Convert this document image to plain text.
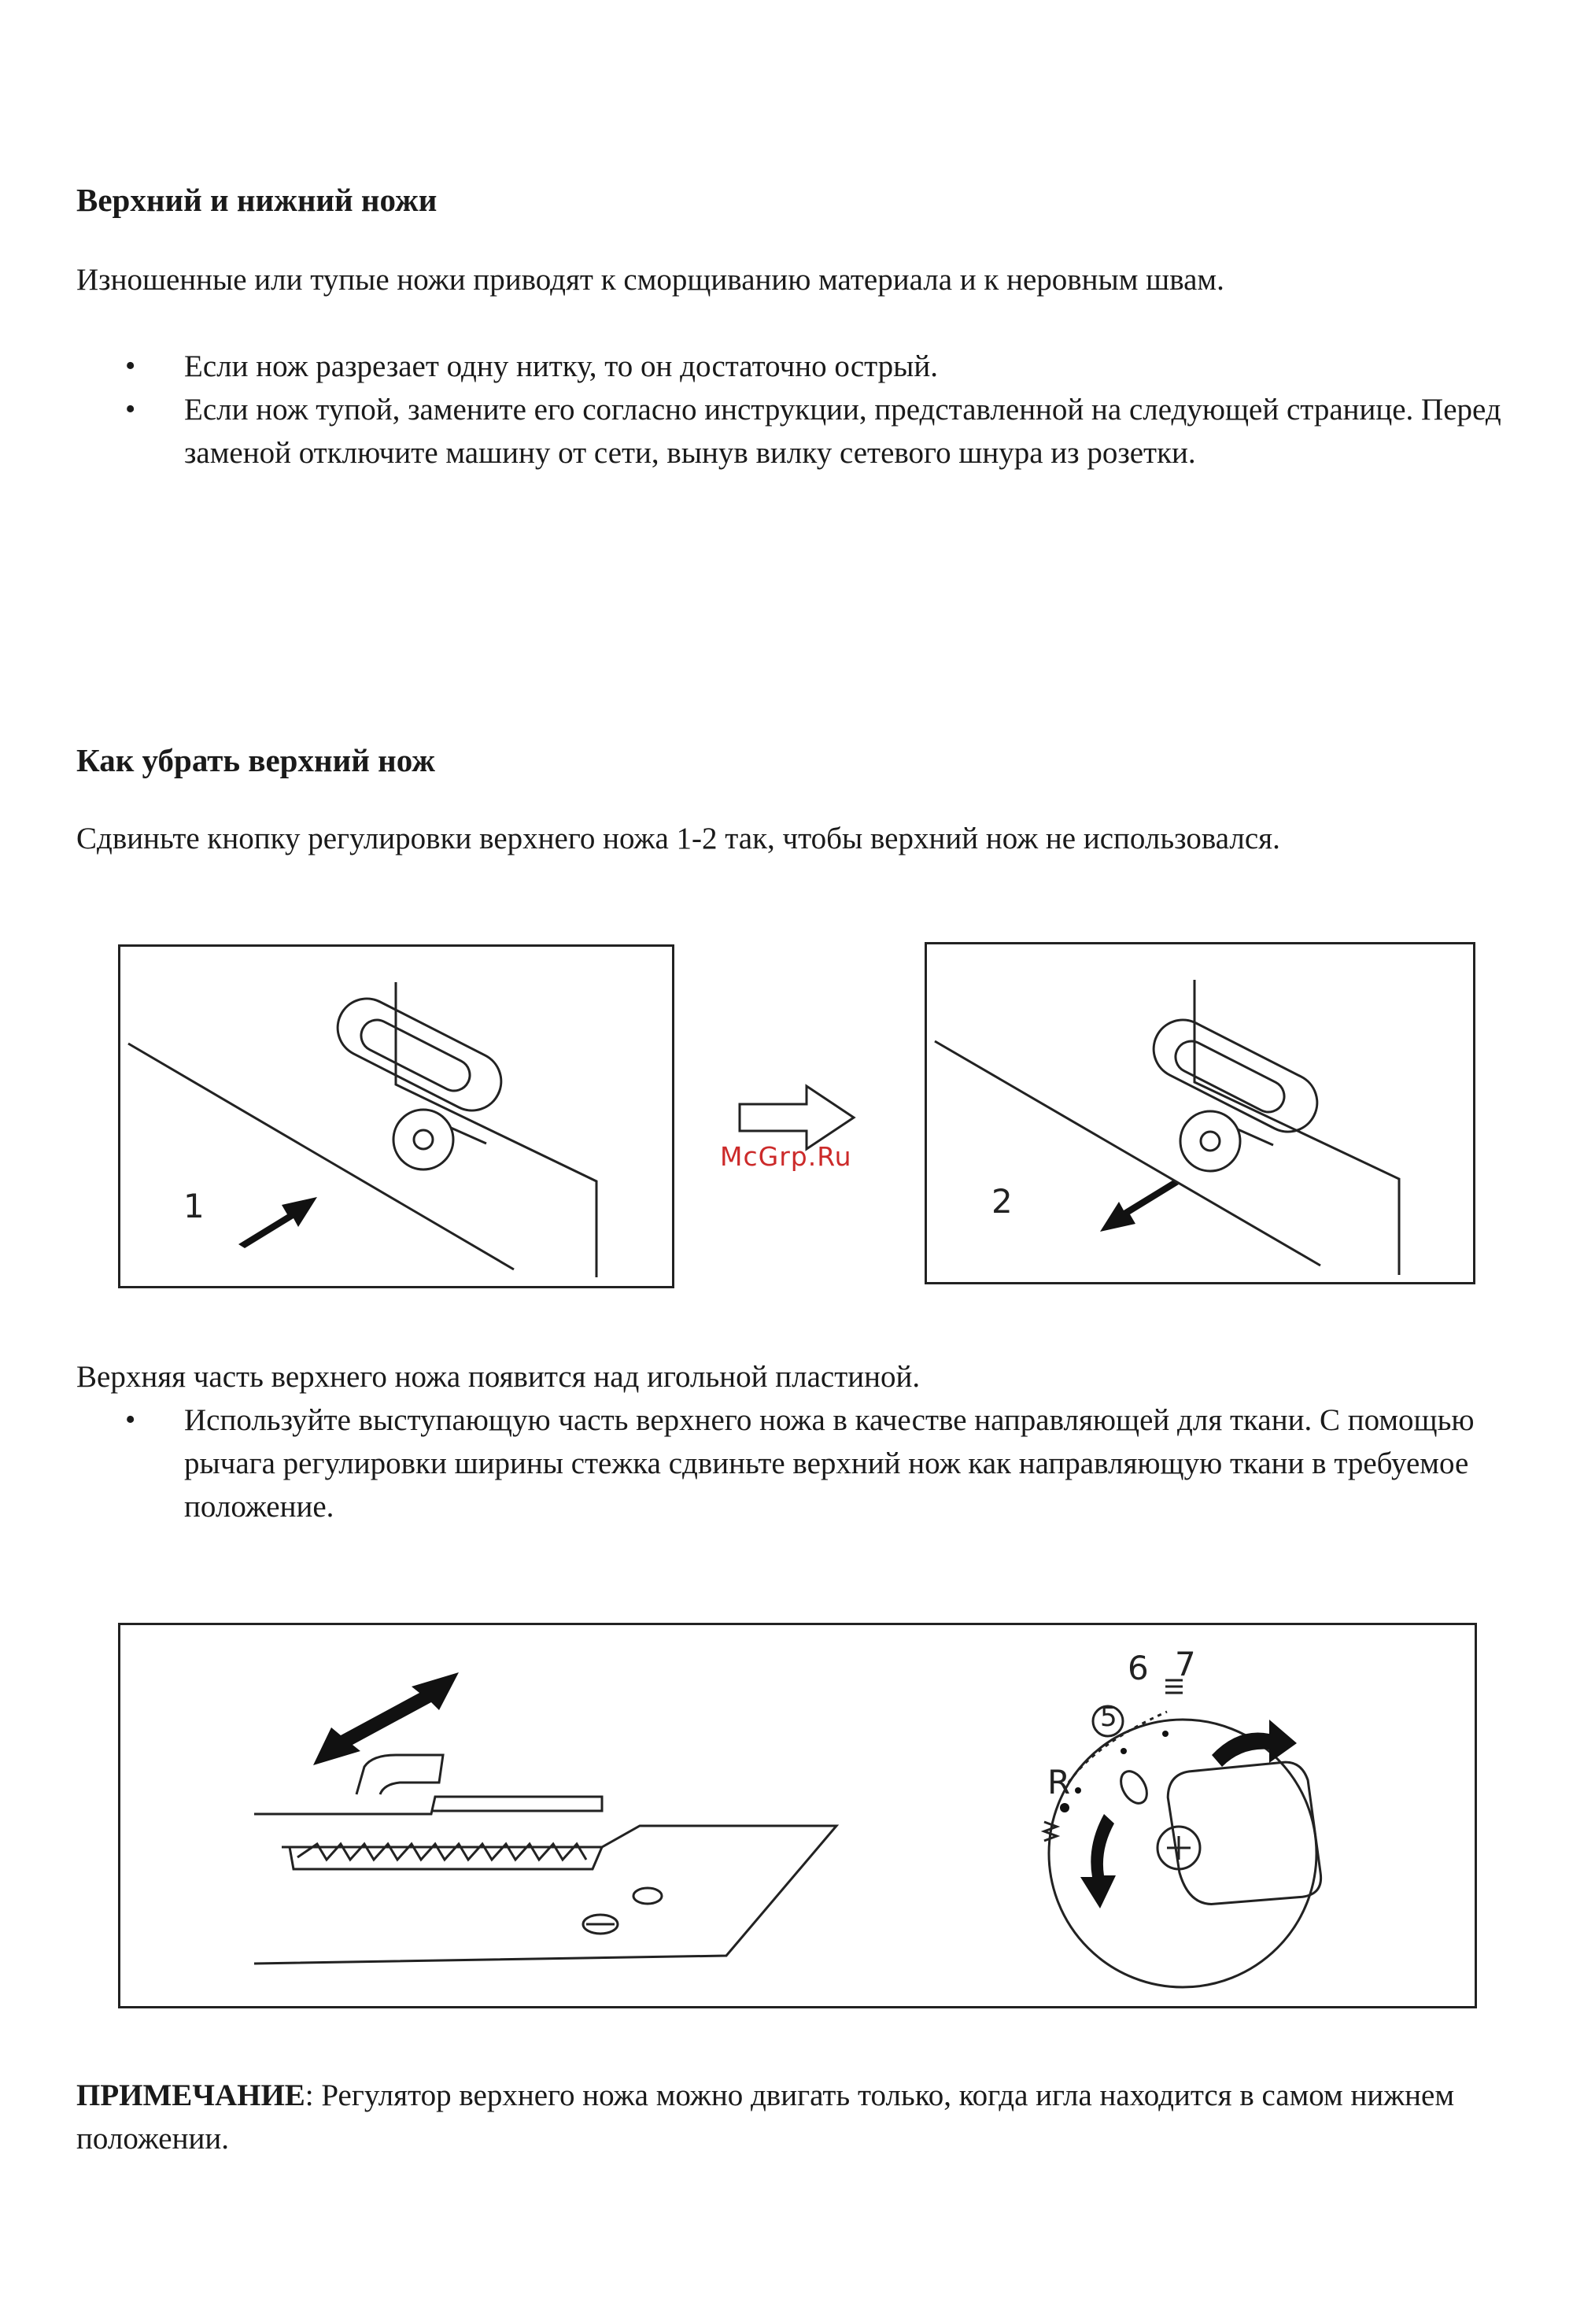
Верхний и нижний ножи
Изношенные или тупые ножи приводят к сморщиванию материала и к неровным швам.
• Если нож разрезает одну нитку, то он достаточно острый.
• Если нож тупой, замените его согласно инструкции, представленной на следующей странице. Перед заменой отключите машину от сети, вынув вилку сетевого шнура из розетки.
Как убрать верхний нож
Сдвиньте кнопку регулировки верхнего ножа 1-2 так, чтобы верхний нож не использовался.
1
McGrp.Ru
2
Верхняя часть верхнего ножа появится над игольной пластиной.
• Используйте выступающую часть верхнего ножа в качестве направляющей для ткани. С помощью рычага регулировки ширины стежка сдвиньте верхний нож как направляющую ткани в требуемое положение.
5
6 7
R
ПРИМЕЧАНИЕ: Регулятор верхнего ножа можно двигать только, когда игла находится в самом нижнем положении.
